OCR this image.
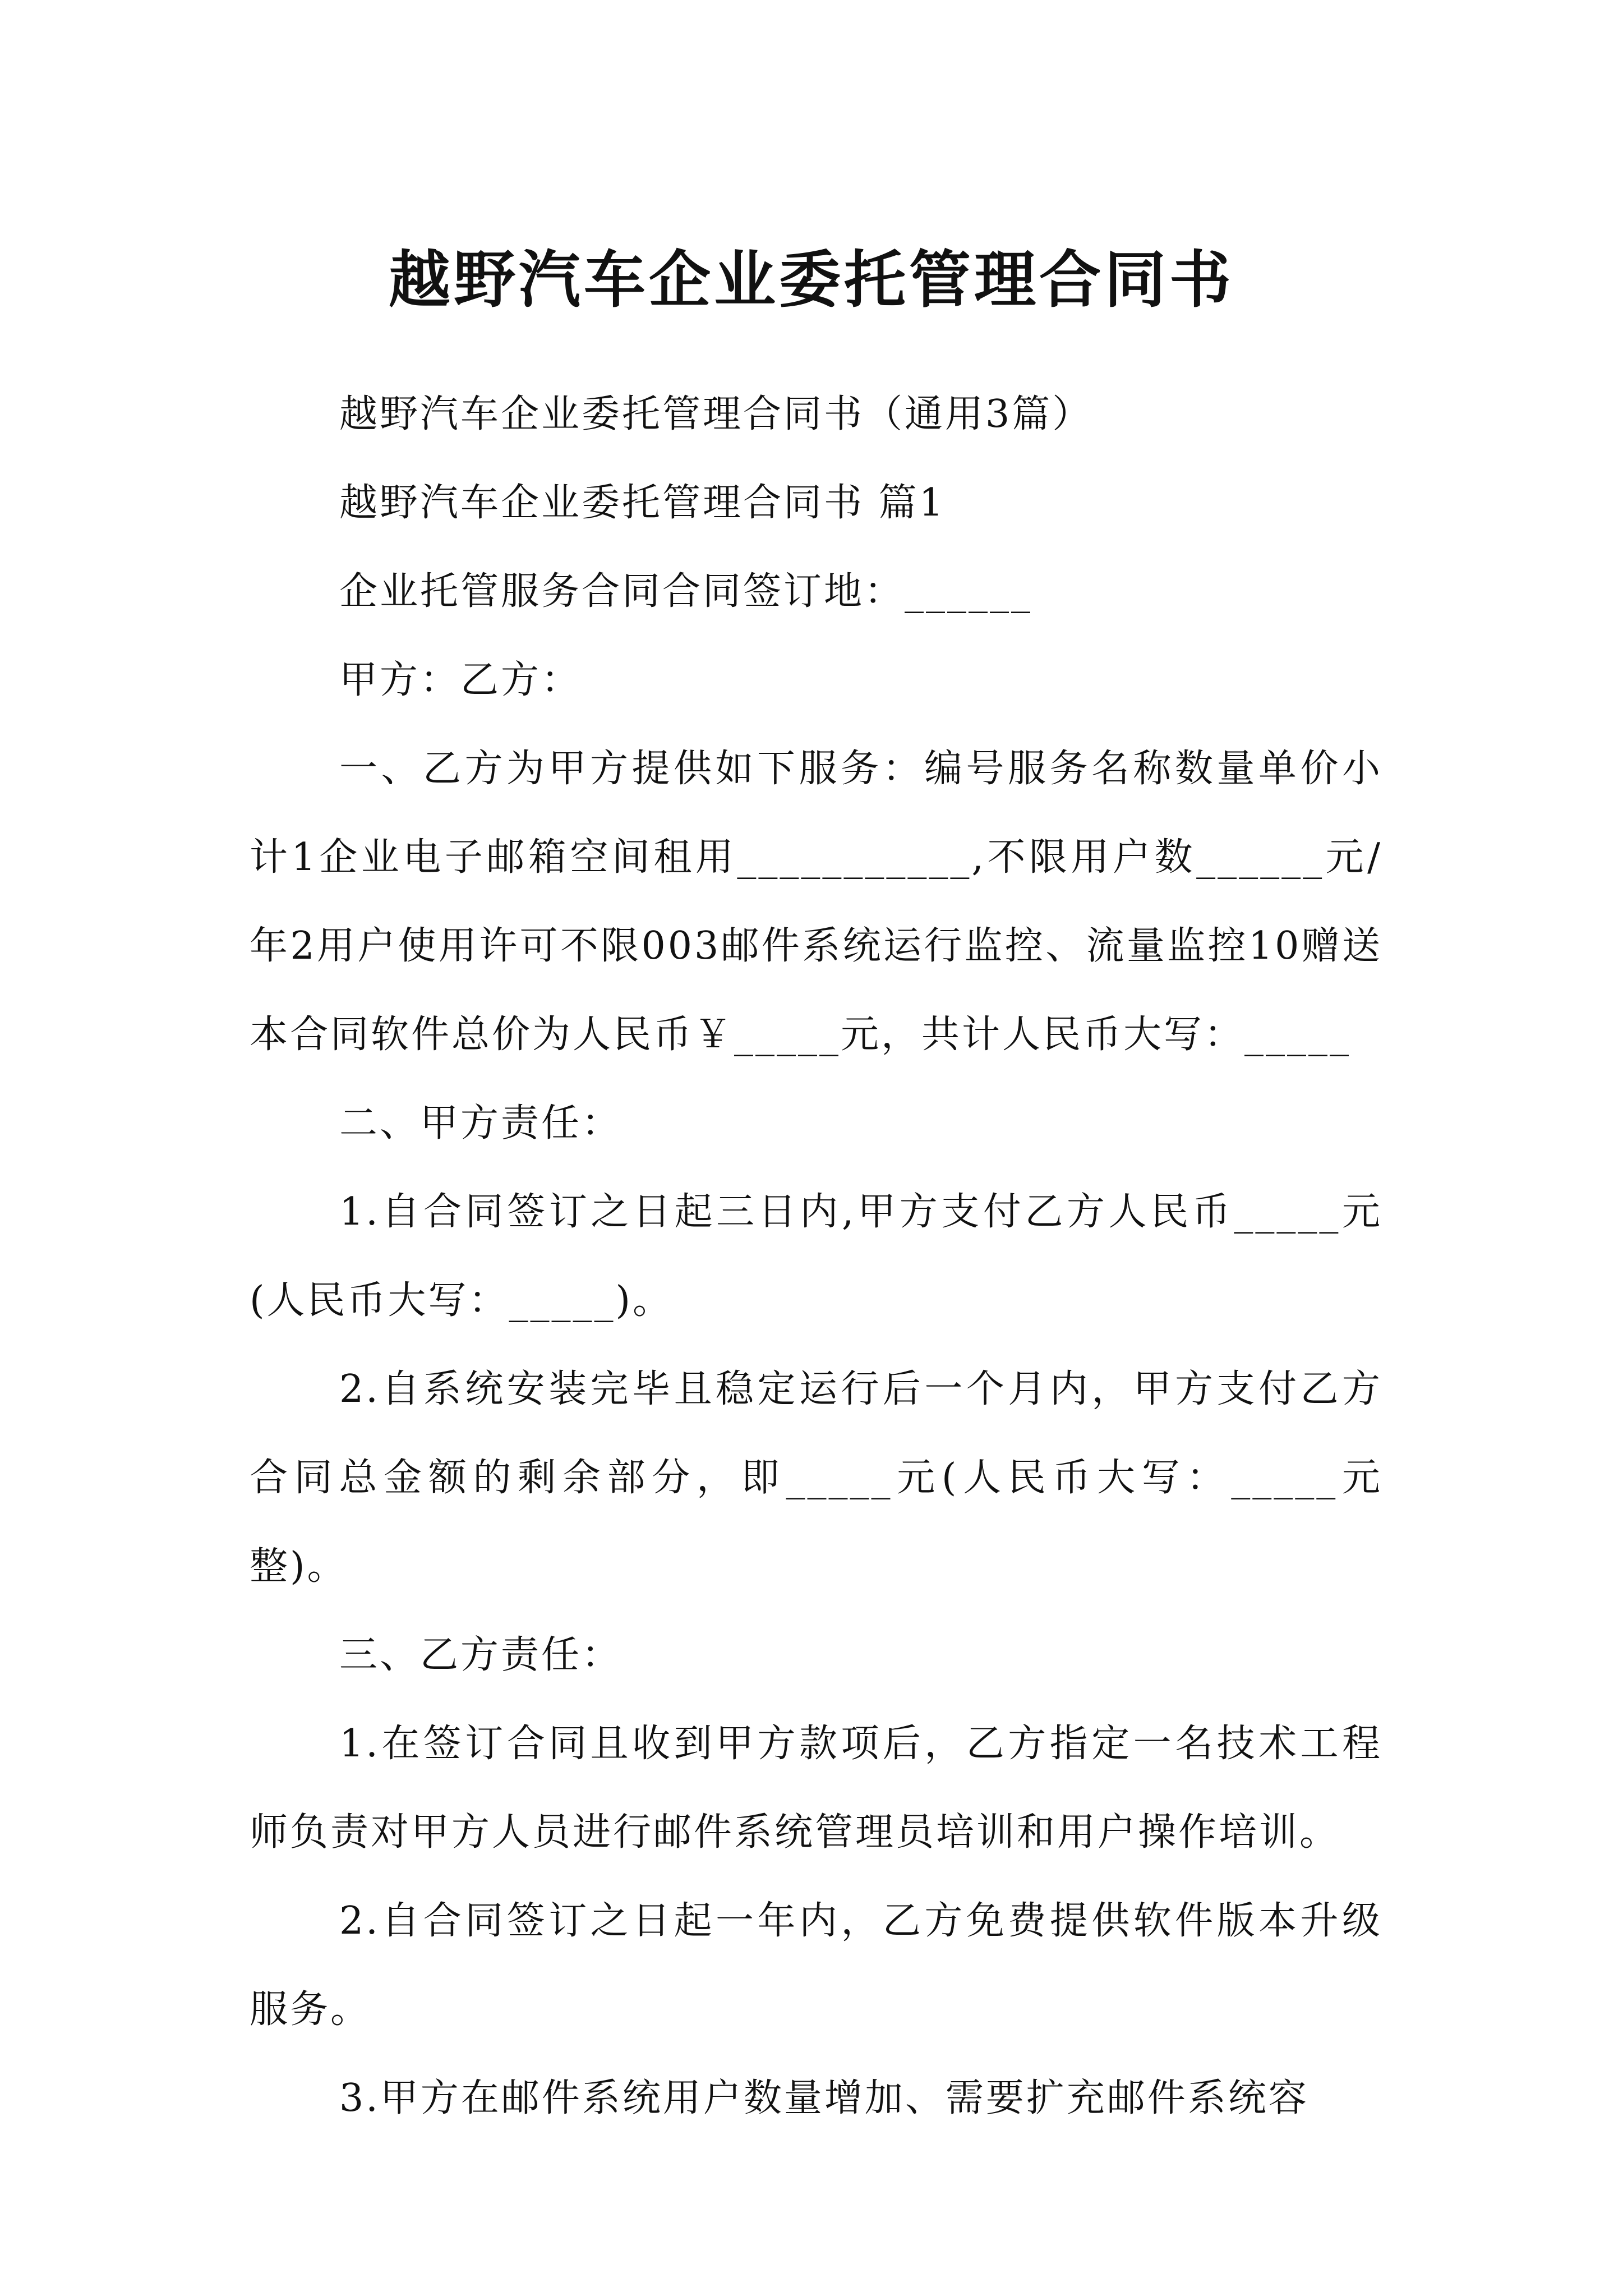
越野汽车企业委托管理合同书

越野汽车企业委托管理合同书（通用3篇）

越野汽车企业委托管理合同书 篇1

企业托管服务合同合同签订地：______

甲方：乙方：

一、乙方为甲方提供如下服务：编号服务名称数量单价小计1企业电子邮箱空间租用___________,不限用户数______元/年2用户使用许可不限003邮件系统运行监控、流量监控10赠送本合同软件总价为人民币￥_____元，共计人民币大写：_____

二、甲方责任：

1.自合同签订之日起三日内,甲方支付乙方人民币_____元(人民币大写：_____)。

2.自系统安装完毕且稳定运行后一个月内，甲方支付乙方合同总金额的剩余部分，即_____元(人民币大写：_____元整)。

三、乙方责任：

1.在签订合同且收到甲方款项后，乙方指定一名技术工程师负责对甲方人员进行邮件系统管理员培训和用户操作培训。

2.自合同签订之日起一年内，乙方免费提供软件版本升级服务。

3.甲方在邮件系统用户数量增加、需要扩充邮件系统容
